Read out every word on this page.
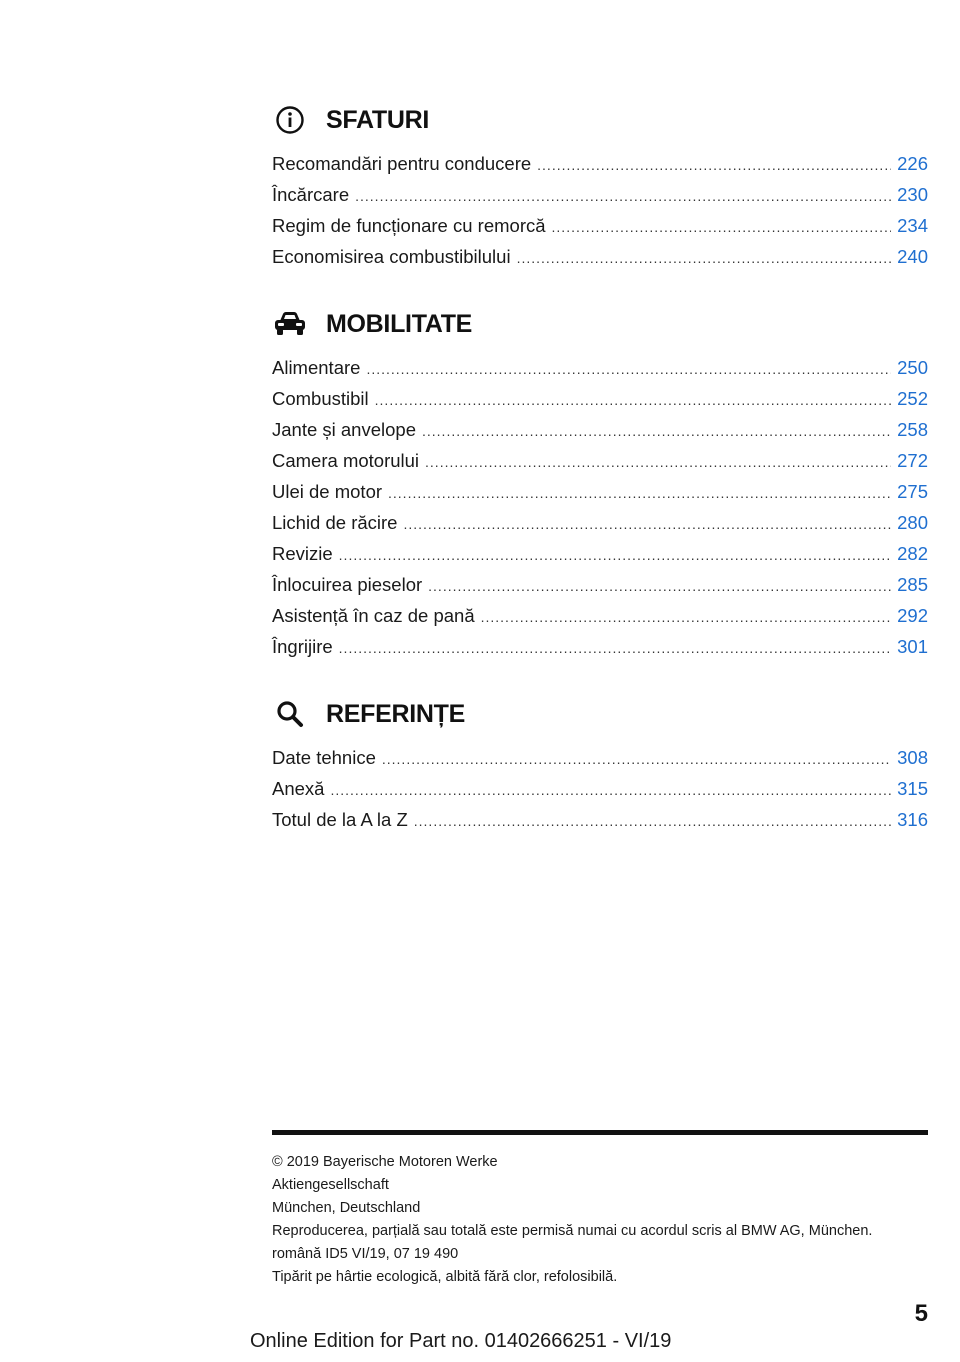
SFATURI
Recomandări pentru conducere .....	226
Încărcare .....	230
Regim de funcționare cu remorcă .....	234
Economisirea combustibilului .....	240
MOBILITATE
Alimentare .....	250
Combustibil .....	252
Jante și anvelope .....	258
Camera motorului .....	272
Ulei de motor .....	275
Lichid de răcire .....	280
Revizie .....	282
Înlocuirea pieselor .....	285
Asistență în caz de pană .....	292
Îngrijire .....	301
REFERINȚE
Date tehnice .....	308
Anexă .....	315
Totul de la A la Z .....	316
© 2019 Bayerische Motoren Werke
Aktiengesellschaft
München, Deutschland
Reproducerea, parțială sau totală este permisă numai cu acordul scris al BMW AG, München.
română ID5 VI/19, 07 19 490
Tipărit pe hârtie ecologică, albită fără clor, refolosibilă.
5
Online Edition for Part no. 01402666251 - VI/19
